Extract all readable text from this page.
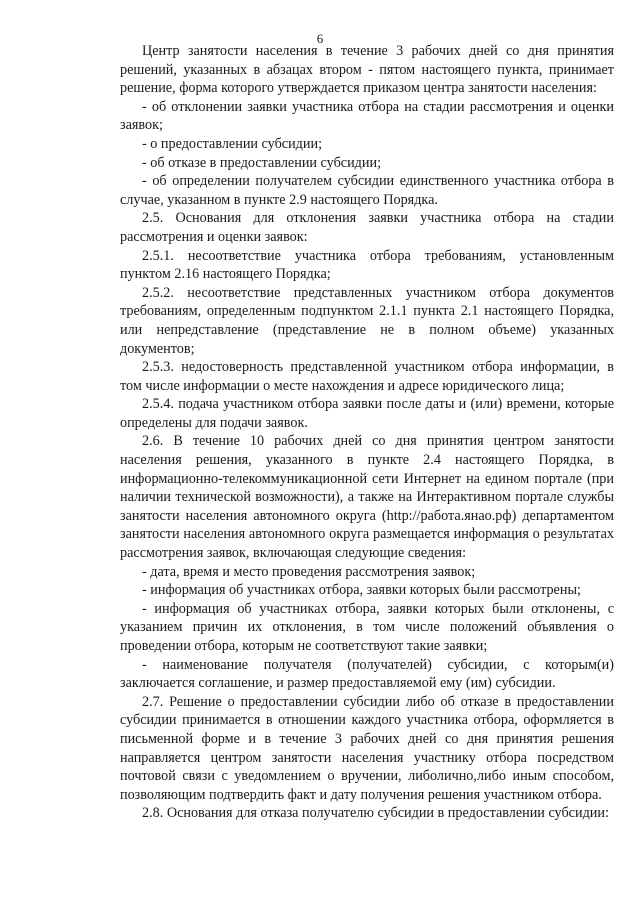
6

Центр занятости населения в течение 3 рабочих дней со дня принятия решений, указанных в абзацах втором - пятом настоящего пункта, принимает решение, форма которого утверждается приказом центра занятости населения:

- об отклонении заявки участника отбора на стадии рассмотрения и оценки заявок;

- о предоставлении субсидии;

- об отказе в предоставлении субсидии;

- об определении получателем субсидии единственного участника отбора в случае, указанном в пункте 2.9 настоящего Порядка.

2.5. Основания для отклонения заявки участника отбора на стадии рассмотрения и оценки заявок:

2.5.1. несоответствие участника отбора требованиям, установленным пунктом 2.16 настоящего Порядка;

2.5.2. несоответствие представленных участником отбора документов требованиям, определенным подпунктом 2.1.1 пункта 2.1 настоящего Порядка, или непредставление (представление не в полном объеме) указанных документов;

2.5.3. недостоверность представленной участником отбора информации, в том числе информации о месте нахождения и адресе юридического лица;

2.5.4. подача участником отбора заявки после даты и (или) времени, которые определены для подачи заявок.

2.6. В течение 10 рабочих дней со дня принятия центром занятости населения решения, указанного в пункте 2.4 настоящего Порядка, в информационно-телекоммуникационной сети Интернет на едином портале (при наличии технической возможности), а также на Интерактивном портале службы занятости населения автономного округа (http://работа.янао.рф) департаментом занятости населения автономного округа размещается информация о результатах рассмотрения заявок, включающая следующие сведения:

- дата, время и место проведения рассмотрения заявок;

- информация об участниках отбора, заявки которых были рассмотрены;

- информация об участниках отбора, заявки которых были отклонены, с указанием причин их отклонения, в том числе положений объявления о проведении отбора, которым не соответствуют такие заявки;

- наименование получателя (получателей) субсидии, с которым(и) заключается соглашение, и размер предоставляемой ему (им) субсидии.

2.7. Решение о предоставлении субсидии либо об отказе в предоставлении субсидии принимается в отношении каждого участника отбора, оформляется в письменной форме и в течение 3 рабочих дней со дня принятия решения направляется центром занятости населения участнику отбора посредством почтовой связи с уведомлением о вручении, либолично,либо иным способом, позволяющим подтвердить факт и дату получения решения участником отбора.

2.8. Основания для отказа получателю субсидии в предоставлении субсидии:
